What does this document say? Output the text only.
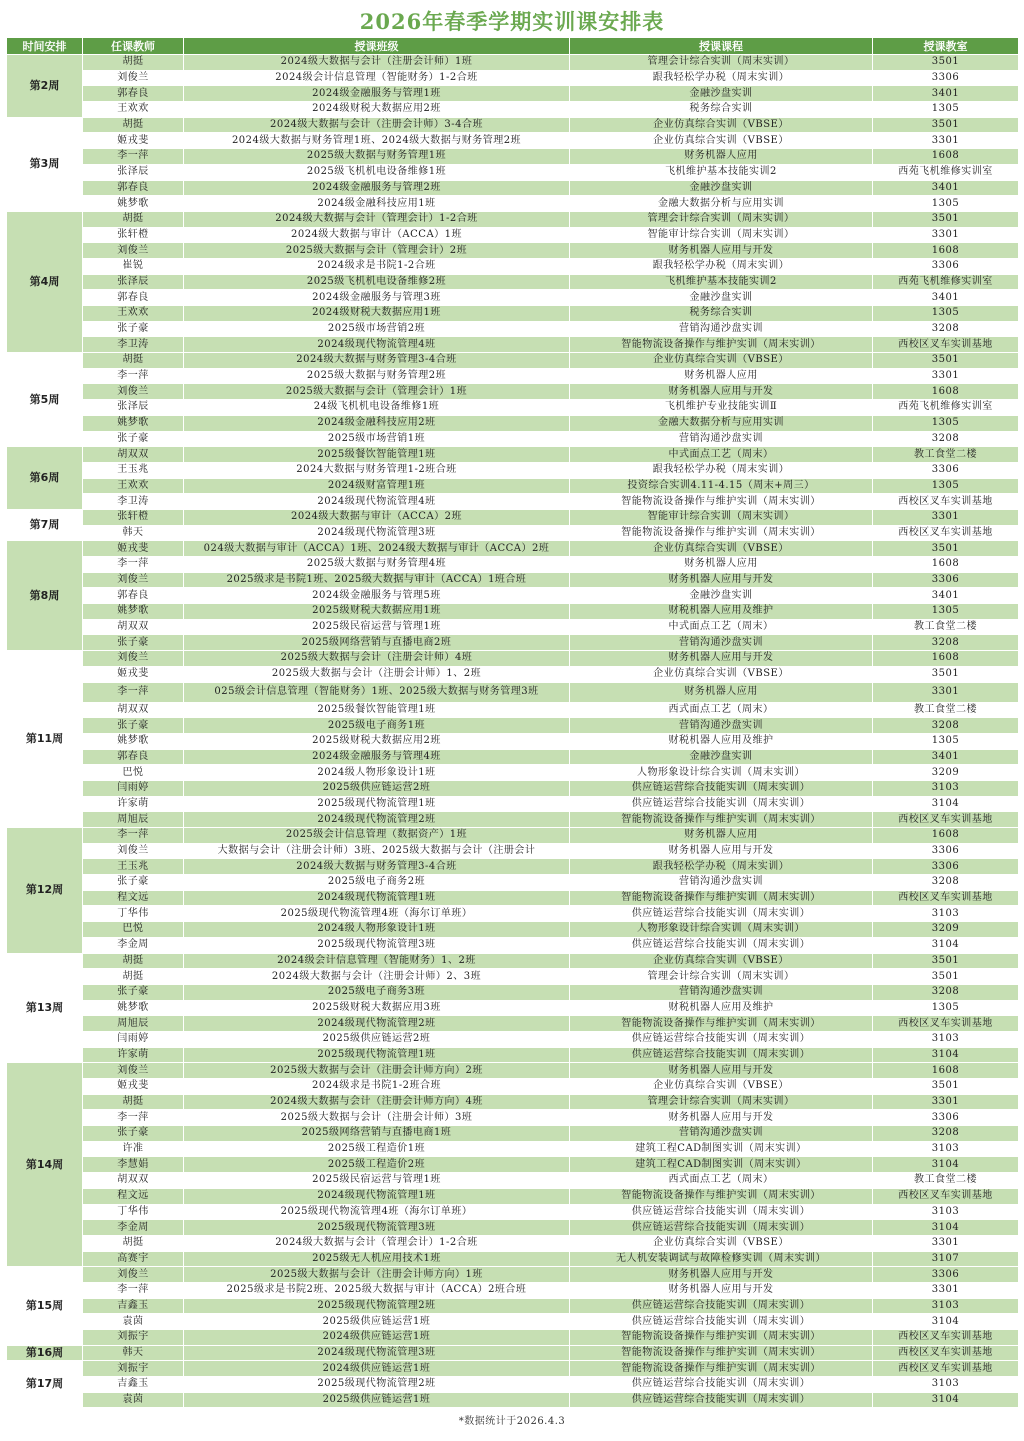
2026年春季学期实训课安排表
时间安排	任课教师	授课班级	授课课程	授课教室
第2周	胡挺	2024级大数据与会计（注册会计师）1班	管理会计综合实训（周末实训）	3501
	刘俊兰	2024级会计信息管理（智能财务）1-2合班	跟我轻松学办税（周末实训）	3306
	郭春良	2024级金融服务与管理1班	金融沙盘实训	3401
	王欢欢	2024级财税大数据应用2班	税务综合实训	1305
第3周	胡挺	2024级大数据与会计（注册会计师）3-4合班	企业仿真综合实训（VBSE）	3501
	姬戎斐	2024级大数据与财务管理1班、2024级大数据与财务管理2班	企业仿真综合实训（VBSE）	3301
	李一萍	2025级大数据与财务管理1班	财务机器人应用	1608
	张泽辰	2025级飞机机电设备维修1班	飞机维护基本技能实训2	西苑飞机维修实训室
	郭春良	2024级金融服务与管理2班	金融沙盘实训	3401
	姚梦歌	2024级金融科技应用1班	金融大数据分析与应用实训	1305
第4周	胡挺	2024级大数据与会计（管理会计）1-2合班	管理会计综合实训（周末实训）	3501
	张轩橙	2024级大数据与审计（ACCA）1班	智能审计综合实训（周末实训）	3301
	刘俊兰	2025级大数据与会计（管理会计）2班	财务机器人应用与开发	1608
	崔锐	2024级求是书院1-2合班	跟我轻松学办税（周末实训）	3306
	张泽辰	2025级飞机机电设备维修2班	飞机维护基本技能实训2	西苑飞机维修实训室
	郭春良	2024级金融服务与管理3班	金融沙盘实训	3401
	王欢欢	2024级财税大数据应用1班	税务综合实训	1305
	张子豪	2025级市场营销2班	营销沟通沙盘实训	3208
	李卫涛	2024级现代物流管理4班	智能物流设备操作与维护实训（周末实训）	西校区叉车实训基地
第5周	胡挺	2024级大数据与财务管理3-4合班	企业仿真综合实训（VBSE）	3501
	李一萍	2025级大数据与财务管理2班	财务机器人应用	3301
	刘俊兰	2025级大数据与会计（管理会计）1班	财务机器人应用与开发	1608
	张泽辰	24级飞机机电设备维修1班	飞机维护专业技能实训Ⅱ	西苑飞机维修实训室
	姚梦歌	2024级金融科技应用2班	金融大数据分析与应用实训	1305
	张子豪	2025级市场营销1班	营销沟通沙盘实训	3208
第6周	胡双双	2025级餐饮智能管理1班	中式面点工艺（周末）	教工食堂二楼
	王玉兆	2024大数据与财务管理1-2班合班	跟我轻松学办税（周末实训）	3306
	王欢欢	2024级财富管理1班	投资综合实训4.11-4.15（周末+周三）	1305
	李卫涛	2024级现代物流管理4班	智能物流设备操作与维护实训（周末实训）	西校区叉车实训基地
第7周	张轩橙	2024级大数据与审计（ACCA）2班	智能审计综合实训（周末实训）	3301
	韩天	2024级现代物流管理3班	智能物流设备操作与维护实训（周末实训）	西校区叉车实训基地
第8周	姬戎斐	024级大数据与审计（ACCA）1班、2024级大数据与审计（ACCA）2班	企业仿真综合实训（VBSE）	3501
	李一萍	2025级大数据与财务管理4班	财务机器人应用	1608
	刘俊兰	2025级求是书院1班、2025级大数据与审计（ACCA）1班合班	财务机器人应用与开发	3306
	郭春良	2024级金融服务与管理5班	金融沙盘实训	3401
	姚梦歌	2025级财税大数据应用1班	财税机器人应用及维护	1305
	胡双双	2025级民宿运营与管理1班	中式面点工艺（周末）	教工食堂二楼
	张子豪	2025级网络营销与直播电商2班	营销沟通沙盘实训	3208
第11周	刘俊兰	2025级大数据与会计（注册会计师）4班	财务机器人应用与开发	1608
	姬戎斐	2025级大数据与会计（注册会计师）1、2班	企业仿真综合实训（VBSE）	3501
	李一萍	025级会计信息管理（智能财务）1班、2025级大数据与财务管理3班	财务机器人应用	3301
	胡双双	2025级餐饮智能管理1班	西式面点工艺（周末）	教工食堂二楼
	张子豪	2025级电子商务1班	营销沟通沙盘实训	3208
	姚梦歌	2025级财税大数据应用2班	财税机器人应用及维护	1305
	郭春良	2024级金融服务与管理4班	金融沙盘实训	3401
	巴悦	2024级人物形象设计1班	人物形象设计综合实训（周末实训）	3209
	闫雨婷	2025级供应链运营2班	供应链运营综合技能实训（周末实训）	3103
	许家萌	2025级现代物流管理1班	供应链运营综合技能实训（周末实训）	3104
	周旭辰	2024级现代物流管理2班	智能物流设备操作与维护实训（周末实训）	西校区叉车实训基地
第12周	李一萍	2025级会计信息管理（数据资产）1班	财务机器人应用	1608
	刘俊兰	大数据与会计（注册会计师）3班、2025级大数据与会计（注册会计	财务机器人应用与开发	3306
	王玉兆	2024级大数据与财务管理3-4合班	跟我轻松学办税（周末实训）	3306
	张子豪	2025级电子商务2班	营销沟通沙盘实训	3208
	程文远	2024级现代物流管理1班	智能物流设备操作与维护实训（周末实训）	西校区叉车实训基地
	丁华伟	2025级现代物流管理4班（海尔订单班）	供应链运营综合技能实训（周末实训）	3103
	巴悦	2024级人物形象设计1班	人物形象设计综合实训（周末实训）	3209
	李金周	2025级现代物流管理3班	供应链运营综合技能实训（周末实训）	3104
第13周	胡挺	2024级会计信息管理（智能财务）1、2班	企业仿真综合实训（VBSE）	3501
	胡挺	2024级大数据与会计（注册会计师）2、3班	管理会计综合实训（周末实训）	3501
	张子豪	2025级电子商务3班	营销沟通沙盘实训	3208
	姚梦歌	2025级财税大数据应用3班	财税机器人应用及维护	1305
	周旭辰	2024级现代物流管理2班	智能物流设备操作与维护实训（周末实训）	西校区叉车实训基地
	闫雨婷	2025级供应链运营2班	供应链运营综合技能实训（周末实训）	3103
	许家萌	2025级现代物流管理1班	供应链运营综合技能实训（周末实训）	3104
第14周	刘俊兰	2025级大数据与会计（注册会计师方向）2班	财务机器人应用与开发	1608
	姬戎斐	2024级求是书院1-2班合班	企业仿真综合实训（VBSE）	3501
	胡挺	2024级大数据与会计（注册会计师方向）4班	管理会计综合实训（周末实训）	3301
	李一萍	2025级大数据与会计（注册会计师）3班	财务机器人应用与开发	3306
	张子豪	2025级网络营销与直播电商1班	营销沟通沙盘实训	3208
	许准	2025级工程造价1班	建筑工程CAD制图实训（周末实训）	3103
	李慧娟	2025级工程造价2班	建筑工程CAD制图实训（周末实训）	3104
	胡双双	2025级民宿运营与管理1班	西式面点工艺（周末）	教工食堂二楼
	程文远	2024级现代物流管理1班	智能物流设备操作与维护实训（周末实训）	西校区叉车实训基地
	丁华伟	2025级现代物流管理4班（海尔订单班）	供应链运营综合技能实训（周末实训）	3103
	李金周	2025级现代物流管理3班	供应链运营综合技能实训（周末实训）	3104
	胡挺	2024级大数据与会计（管理会计）1-2合班	企业仿真综合实训（VBSE）	3301
	高赛宇	2025级无人机应用技术1班	无人机安装调试与故障检修实训（周末实训）	3107
第15周	刘俊兰	2025级大数据与会计（注册会计师方向）1班	财务机器人应用与开发	3306
	李一萍	2025级求是书院2班、2025级大数据与审计（ACCA）2班合班	财务机器人应用与开发	3301
	吉鑫玉	2025级现代物流管理2班	供应链运营综合技能实训（周末实训）	3103
	袁茵	2025级供应链运营1班	供应链运营综合技能实训（周末实训）	3104
	刘振宇	2024级供应链运营1班	智能物流设备操作与维护实训（周末实训）	西校区叉车实训基地
第16周	韩天	2024级现代物流管理3班	智能物流设备操作与维护实训（周末实训）	西校区叉车实训基地
第17周	刘振宇	2024级供应链运营1班	智能物流设备操作与维护实训（周末实训）	西校区叉车实训基地
	吉鑫玉	2025级现代物流管理2班	供应链运营综合技能实训（周末实训）	3103
	袁茵	2025级供应链运营1班	供应链运营综合技能实训（周末实训）	3104
*数据统计于2026.4.3
